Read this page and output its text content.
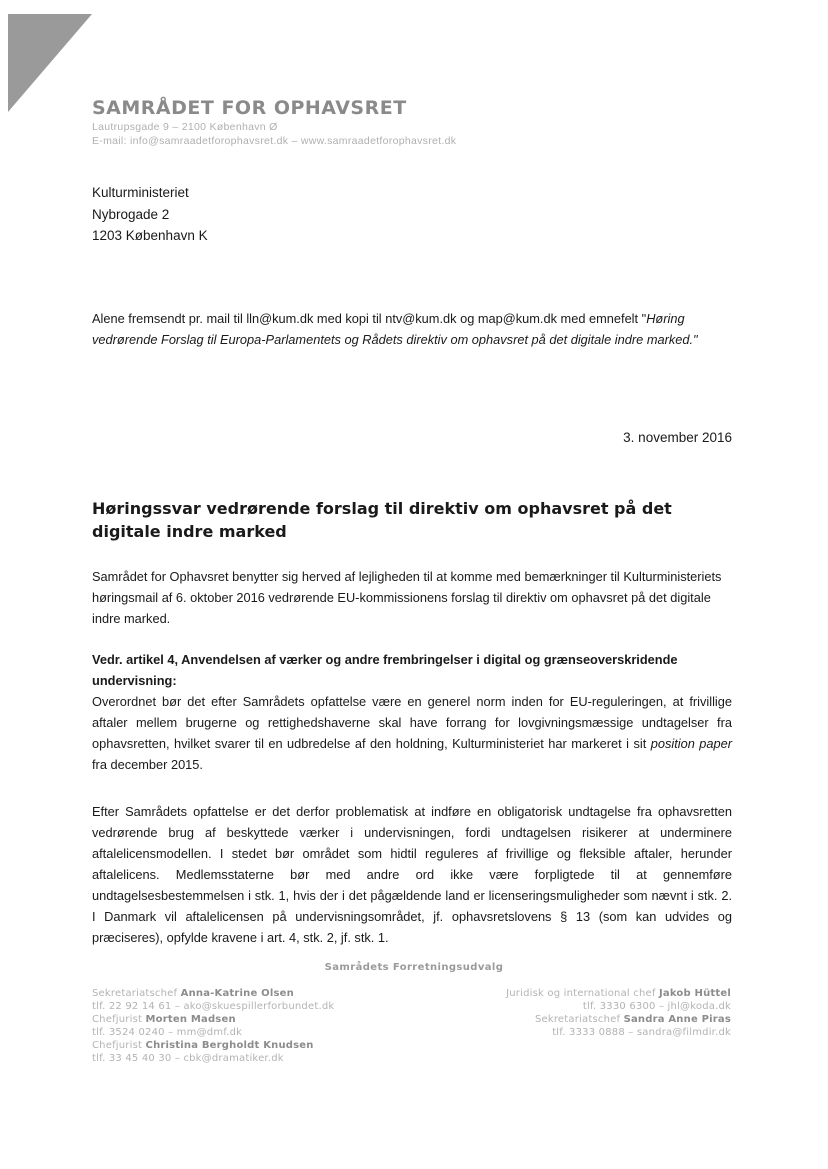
SAMRÅDET FOR OPHAVSRET
Lautrupsgade 9 – 2100 København Ø
E-mail: info@samraadetforophavsret.dk – www.samraadetforophavsret.dk
Kulturministeriet
Nybrogade 2
1203 København K
Alene fremsendt pr. mail til lln@kum.dk med kopi til ntv@kum.dk og map@kum.dk med emnefelt "Høring vedrørende Forslag til Europa-Parlamentets og Rådets direktiv om ophavsret på det digitale indre marked."
3. november 2016
Høringssvar vedrørende forslag til direktiv om ophavsret på det digitale indre marked
Samrådet for Ophavsret benytter sig herved af lejligheden til at komme med bemærkninger til Kulturministeriets høringsmail af 6. oktober 2016 vedrørende EU-kommissionens forslag til direktiv om ophavsret på det digitale indre marked.
Vedr. artikel 4, Anvendelsen af værker og andre frembringelser i digital og grænseoverskridende undervisning:
Overordnet bør det efter Samrådets opfattelse være en generel norm inden for EU-reguleringen, at frivillige aftaler mellem brugerne og rettighedshaverne skal have forrang for lovgivningsmæssige undtagelser fra ophavsretten, hvilket svarer til en udbredelse af den holdning, Kulturministeriet har markeret i sit position paper fra december 2015.
Efter Samrådets opfattelse er det derfor problematisk at indføre en obligatorisk undtagelse fra ophavsretten vedrørende brug af beskyttede værker i undervisningen, fordi undtagelsen risikerer at underminere aftalelicensmodellen. I stedet bør området som hidtil reguleres af frivillige og fleksible aftaler, herunder aftalelicens. Medlemsstaterne bør med andre ord ikke være forpligtede til at gennemføre undtagelsesbestemmelsen i stk. 1, hvis der i det pågældende land er licenseringsmuligheder som nævnt i stk. 2. I Danmark vil aftalelicensen på undervisningsområdet, jf. ophavsretslovens § 13 (som kan udvides og præciseres), opfylde kravene i art. 4, stk. 2, jf. stk. 1.
Samrådets Forretningsudvalg
Sekretariatschef Anna-Katrine Olsen
tlf. 22 92 14 61 – ako@skuespillerforbundet.dk
Chefjurist Morten Madsen
tlf. 3524 0240 – mm@dmf.dk
Chefjurist Christina Bergholdt Knudsen
tlf. 33 45 40 30 – cbk@dramatiker.dk
Juridisk og international chef Jakob Hüttel
tlf. 3330 6300 – jhl@koda.dk
Sekretariatschef Sandra Anne Piras
tlf. 3333 0888 – sandra@filmdir.dk
